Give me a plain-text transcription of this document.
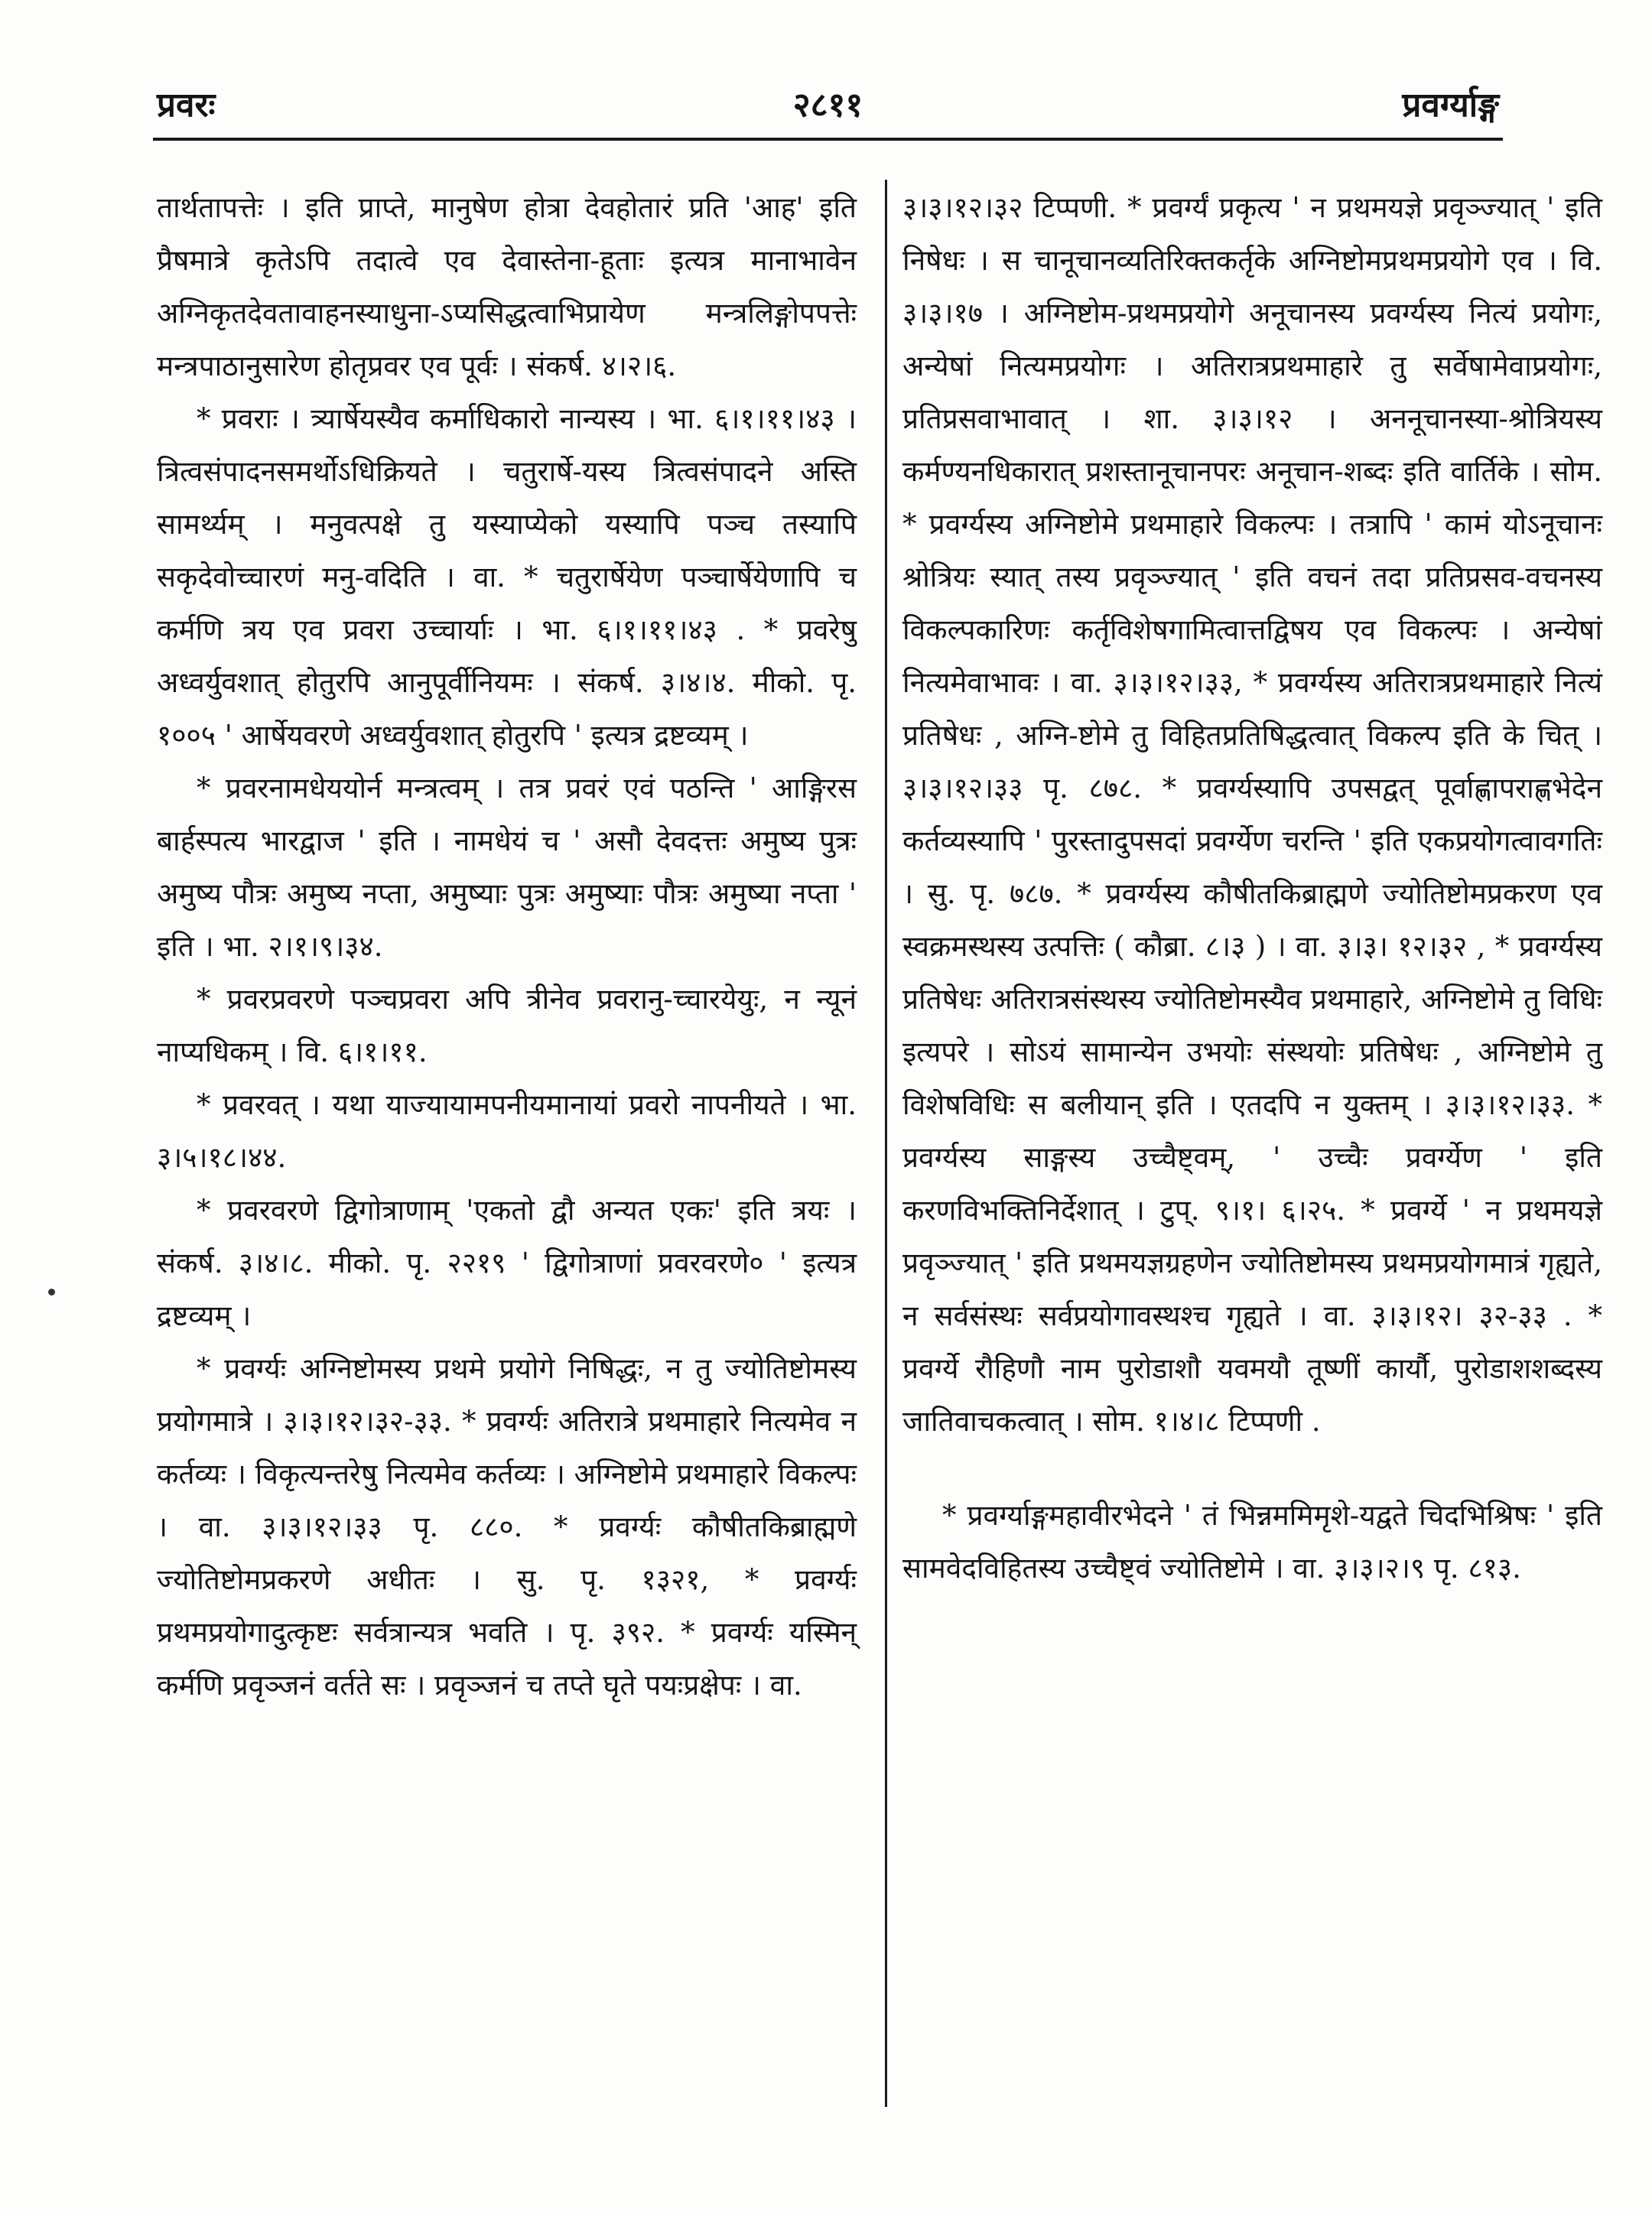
प्रवरः	२८११	प्रवर्ग्याङ्ग

तार्थतापत्तेः । इति प्राप्ते, मानुषेण होत्रा देवहोतारं प्रति 'आह' इति प्रैषमात्रे कृतेऽपि तदात्वे एव देवास्तेना-हूताः इत्यत्र मानाभावेन अग्निकृतदेवतावाहनस्याधुना-ऽप्यसिद्धत्वाभिप्रायेण मन्त्रलिङ्गोपपत्तेः मन्त्रपाठानुसारेण होतृप्रवर एव पूर्वः । संकर्ष. ४।२।६.

* प्रवराः । त्र्यार्षेयस्यैव कर्माधिकारो नान्यस्य । भा. ६।१।११।४३ । त्रित्वसंपादनसमर्थोऽधिक्रियते । चतुरार्षे-यस्य त्रित्वसंपादने अस्ति सामर्थ्यम् । मनुवत्पक्षे तु यस्याप्येको यस्यापि पञ्च तस्यापि सकृदेवोच्चारणं मनु-वदिति । वा. * चतुरार्षेयेण पञ्चार्षेयेणापि च कर्मणि त्रय एव प्रवरा उच्चार्याः । भा. ६।१।११।४३ . * प्रवरेषु अध्वर्युवशात् होतुरपि आनुपूर्वीनियमः । संकर्ष. ३।४।४. मीको. पृ. १००५ ' आर्षेयवरणे अध्वर्युवशात् होतुरपि ' इत्यत्र द्रष्टव्यम् ।

* प्रवरनामधेययोर्न मन्त्रत्वम् । तत्र प्रवरं एवं पठन्ति ' आङ्गिरस बार्हस्पत्य भारद्वाज ' इति । नामधेयं च ' असौ देवदत्तः अमुष्य पुत्रः अमुष्य पौत्रः अमुष्य नप्ता, अमुष्याः पुत्रः अमुष्याः पौत्रः अमुष्या नप्ता ' इति । भा. २।१।९।३४.

* प्रवरप्रवरणे पञ्चप्रवरा अपि त्रीनेव प्रवरानु-च्चारयेयुः, न न्यूनं नाप्यधिकम् । वि. ६।१।११.

* प्रवरवत् । यथा याज्यायामपनीयमानायां प्रवरो नापनीयते । भा. ३।५।१८।४४.

* प्रवरवरणे द्विगोत्राणाम् 'एकतो द्वौ अन्यत एकः' इति त्रयः । संकर्ष. ३।४।८. मीको. पृ. २२१९ ' द्विगोत्राणां प्रवरवरणे० ' इत्यत्र द्रष्टव्यम् ।

* प्रवर्ग्यः अग्निष्टोमस्य प्रथमे प्रयोगे निषिद्धः, न तु ज्योतिष्टोमस्य प्रयोगमात्रे । ३।३।१२।३२-३३. * प्रवर्ग्यः अतिरात्रे प्रथमाहारे नित्यमेव न कर्तव्यः । विकृत्यन्तरेषु नित्यमेव कर्तव्यः । अग्निष्टोमे प्रथमाहारे विकल्पः । वा. ३।३।१२।३३ पृ. ८८०. * प्रवर्ग्यः कौषीतकिब्राह्मणे ज्योतिष्टोमप्रकरणे अधीतः । सु. पृ. १३२१, * प्रवर्ग्यः प्रथमप्रयोगादुत्कृष्टः सर्वत्रान्यत्र भवति । पृ. ३९२. * प्रवर्ग्यः यस्मिन् कर्मणि प्रवृञ्जनं वर्तते सः । प्रवृञ्जनं च तप्ते घृते पयःप्रक्षेपः । वा.

३।३।१२।३२ टिप्पणी. * प्रवर्ग्यं प्रकृत्य ' न प्रथमयज्ञे प्रवृञ्ज्यात् ' इति निषेधः । स चानूचानव्यतिरिक्तकर्तृके अग्निष्टोमप्रथमप्रयोगे एव । वि. ३।३।१७ । अग्निष्टोम-प्रथमप्रयोगे अनूचानस्य प्रवर्ग्यस्य नित्यं प्रयोगः, अन्येषां नित्यमप्रयोगः । अतिरात्रप्रथमाहारे तु सर्वेषामेवाप्रयोगः, प्रतिप्रसवाभावात् । शा. ३।३।१२ । अननूचानस्या-श्रोत्रियस्य कर्मण्यनधिकारात् प्रशस्तानूचानपरः अनूचान-शब्दः इति वार्तिके । सोम. * प्रवर्ग्यस्य अग्निष्टोमे प्रथमाहारे विकल्पः । तत्रापि ' कामं योऽनूचानः श्रोत्रियः स्यात् तस्य प्रवृञ्ज्यात् ' इति वचनं तदा प्रतिप्रसव-वचनस्य विकल्पकारिणः कर्तृविशेषगामित्वात्तद्विषय एव विकल्पः । अन्येषां नित्यमेवाभावः । वा. ३।३।१२।३३, * प्रवर्ग्यस्य अतिरात्रप्रथमाहारे नित्यं प्रतिषेधः , अग्नि-ष्टोमे तु विहितप्रतिषिद्धत्वात् विकल्प इति के चित् । ३।३।१२।३३ पृ. ८७८. * प्रवर्ग्यस्यापि उपसद्वत् पूर्वाह्णापराह्णभेदेन कर्तव्यस्यापि ' पुरस्तादुपसदां प्रवर्ग्येण चरन्ति ' इति एकप्रयोगत्वावगतिः । सु. पृ. ७८७. * प्रवर्ग्यस्य कौषीतकिब्राह्मणे ज्योतिष्टोमप्रकरण एव स्वक्रमस्थस्य उत्पत्तिः ( कौब्रा. ८।३ ) । वा. ३।३। १२।३२ , * प्रवर्ग्यस्य प्रतिषेधः अतिरात्रसंस्थस्य ज्योतिष्टोमस्यैव प्रथमाहारे, अग्निष्टोमे तु विधिः इत्यपरे । सोऽयं सामान्येन उभयोः संस्थयोः प्रतिषेधः , अग्निष्टोमे तु विशेषविधिः स बलीयान् इति । एतदपि न युक्तम् । ३।३।१२।३३. * प्रवर्ग्यस्य साङ्गस्य उच्चैष्ट्वम्, ' उच्चैः प्रवर्ग्येण ' इति करणविभक्तिनिर्देशात् । टुप्. ९।१। ६।२५. * प्रवर्ग्ये ' न प्रथमयज्ञे प्रवृञ्ज्यात् ' इति प्रथमयज्ञग्रहणेन ज्योतिष्टोमस्य प्रथमप्रयोगमात्रं गृह्यते, न सर्वसंस्थः सर्वप्रयोगावस्थश्च गृह्यते । वा. ३।३।१२। ३२-३३ . * प्रवर्ग्ये रौहिणौ नाम पुरोडाशौ यवमयौ तूष्णीं कार्यौ, पुरोडाशशब्दस्य जातिवाचकत्वात् । सोम. १।४।८ टिप्पणी .

* प्रवर्ग्याङ्गमहावीरभेदने ' तं भिन्नममिमृशे-यद्वते चिदभिश्रिषः ' इति सामवेदविहितस्य उच्चैष्ट्वं ज्योतिष्टोमे । वा. ३।३।२।९ पृ. ८१३.
